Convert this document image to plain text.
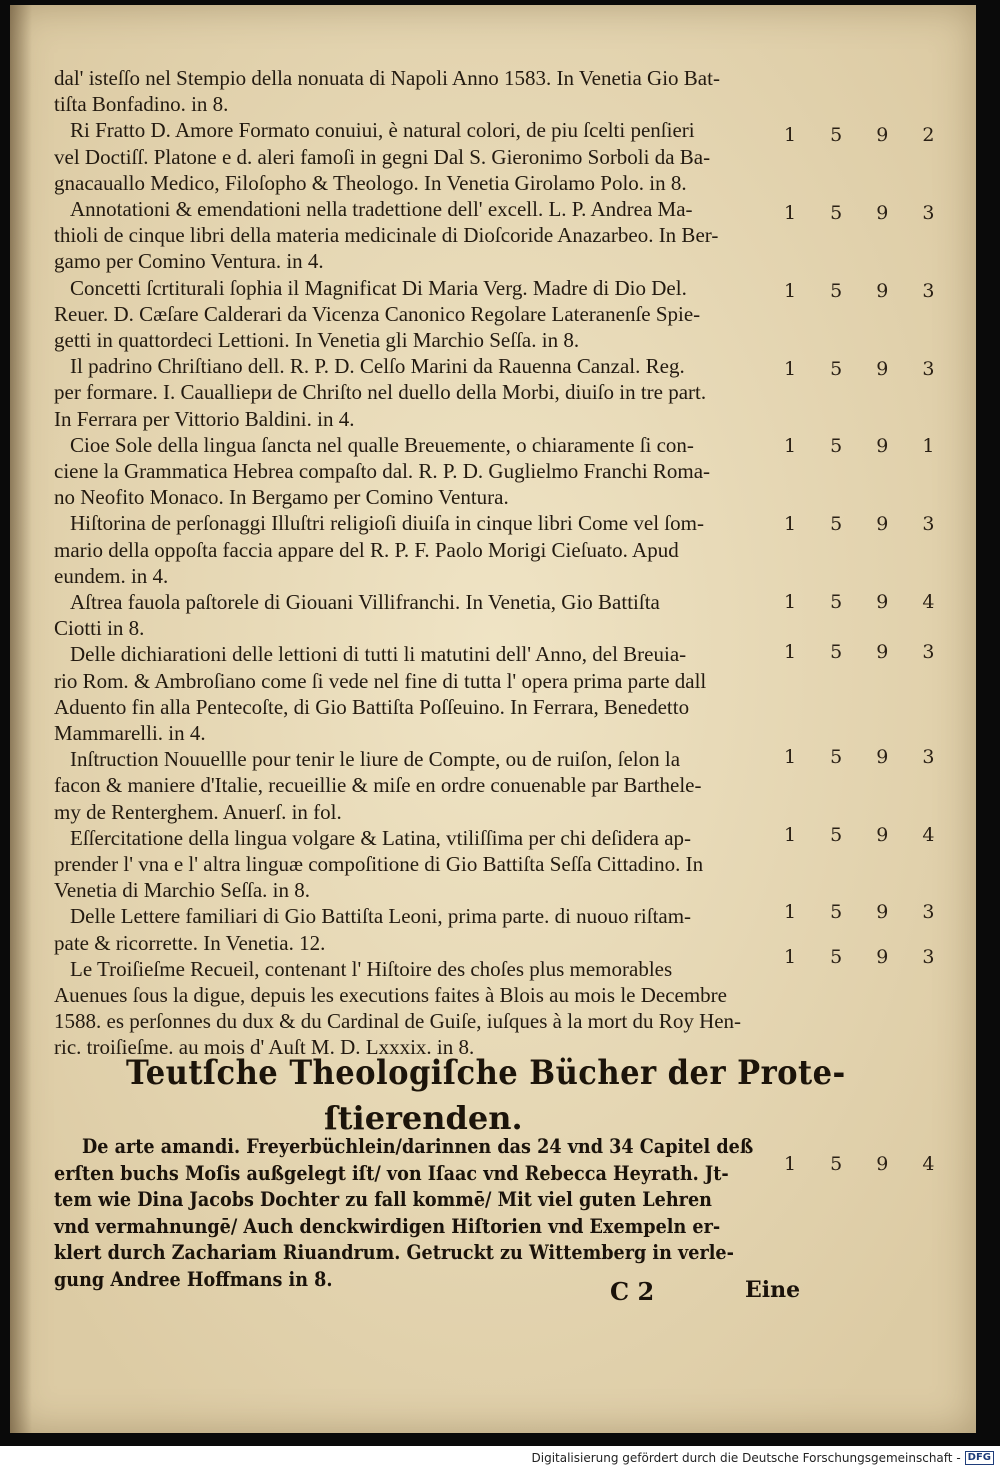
dal' isteſſo nel Stempio della nonuata di Napoli Anno 1583. In Venetia Gio Bat-
tiſta Bonfadino. in 8.
Ri Fratto D. Amore Formato conuiui, è natural colori, de piu ſcelti penſieri
vel Doctiſſ. Platone e d. aleri famoſi in gegni Dal S. Gieronimo Sorboli da Ba-
gnacauallo Medico, Filoſopho & Theologo. In Venetia Girolamo Polo. in 8.
Annotationi & emendationi nella tradettione dell' excell. L. P. Andrea Ma-
thioli de cinque libri della materia medicinale di Dioſcoride Anazarbeo. In Ber-
gamo per Comino Ventura. in 4.
Concetti ſcrtiturali ſophia il Magnificat Di Maria Verg. Madre di Dio Del.
Reuer. D. Cæſare Calderari da Vicenza Canonico Regolare Lateranenſe Spie-
getti in quattordeci Lettioni. In Venetia gli Marchio Seſſa. in 8.
Il padrino Chriſtiano dell. R. P. D. Celſo Marini da Rauenna Canzal. Reg.
per formare. I. Caualliери de Chriſto nel duello della Morbi, diuiſo in tre part.
In Ferrara per Vittorio Baldini. in 4.
Cioe Sole della lingua ſancta nel qualle Breuemente, o chiaramente ſi con-
ciene la Grammatica Hebrea compaſto dal. R. P. D. Guglielmo Franchi Roma-
no Neofito Monaco. In Bergamo per Comino Ventura.
Hiſtorina de perſonaggi Illuſtri religioſi diuiſa in cinque libri Come vel ſom-
mario della oppoſta faccia appare del R. P. F. Paolo Morigi Cieſuato. Apud
eundem. in 4.
Aſtrea fauola paſtorele di Giouani Villifranchi. In Venetia, Gio Battiſta
Ciotti in 8.
Delle dichiarationi delle lettioni di tutti li matutini dell' Anno, del Breuia-
rio Rom. & Ambroſiano come ſi vede nel fine di tutta l' opera prima parte dall
Aduento fin alla Pentecoſte, di Gio Battiſta Poſſeuino. In Ferrara, Benedetto
Mammarelli. in 4.
Inſtruction Nouuellle pour tenir le liure de Compte, ou de ruiſon, ſelon la
facon & maniere d'Italie, recueillie & miſe en ordre conuenable par Barthele-
my de Renterghem. Anuerſ. in fol.
Eſſercitatione della lingua volgare & Latina, vtiliſſima per chi deſidera ap-
prender l' vna e l' altra linguæ compoſitione di Gio Battiſta Seſſa Cittadino. In
Venetia di Marchio Seſſa. in 8.
Delle Lettere familiari di Gio Battiſta Leoni, prima parte. di nuouo riſtam-
pate & ricorrette. In Venetia. 12.
Le Troiſieſme Recueil, contenant l' Hiſtoire des choſes plus memorables
Auenues ſous la digue, depuis les executions faites à Blois au mois le Decembre
1588. es perſonnes du dux & du Cardinal de Guiſe, iuſques à la mort du Roy Hen-
ric. troiſieſme. au mois d' Auſt M. D. Lxxxix. in 8.
1 5 9 2
1 5 9 3
1 5 9 3
1 5 9 3
1 5 9 1
1 5 9 3
1 5 9 4
1 5 9 3
1 5 9 3
1 5 9 4
1 5 9 3
1 5 9 3
1 5 9 4
Teutſche Theologiſche Bücher der Prote-
ſtierenden.
De arte amandi. Freyerbüchlein/darinnen das 24 vnd 34 Capitel deß
erſten buchs Moſis außgelegt iſt/ von Iſaac vnd Rebecca Heyrath. Jt-
tem wie Dina Jacobs Dochter zu fall kommē/ Mit viel guten Lehren
vnd vermahnungē/ Auch denckwirdigen Hiſtorien vnd Exempeln er-
klert durch Zachariam Riuandrum. Getruckt zu Wittemberg in verle-
gung Andree Hoffmans in 8.	C 2	Eine
Digitalisierung gefördert durch die Deutsche Forschungsgemeinschaft - DFG
